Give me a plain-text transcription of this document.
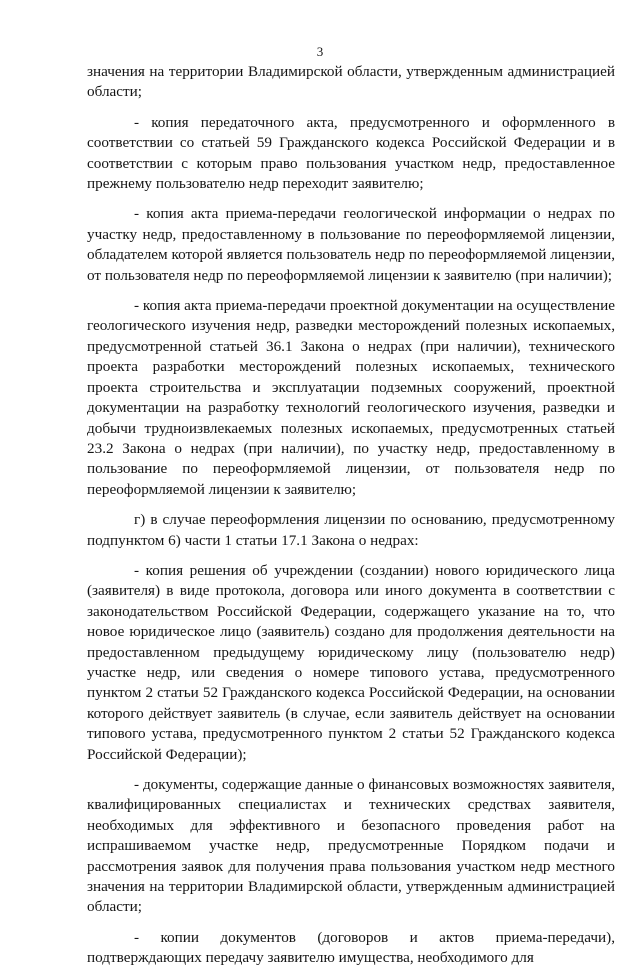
3

значения на территории Владимирской области, утвержденным администрацией области;

- копия передаточного акта, предусмотренного и оформленного в соответствии со статьей 59 Гражданского кодекса Российской Федерации и в соответствии с которым право пользования участком недр, предоставленное прежнему пользователю недр переходит заявителю;

- копия акта приема-передачи геологической информации о недрах по участку недр, предоставленному в пользование по переоформляемой лицензии, обладателем которой является пользователь недр по переоформляемой лицензии, от пользователя недр по переоформляемой лицензии к заявителю (при наличии);

- копия акта приема-передачи проектной документации на осуществление геологического изучения недр, разведки месторождений полезных ископаемых, предусмотренной статьей 36.1 Закона о недрах (при наличии), технического проекта разработки месторождений полезных ископаемых, технического проекта строительства и эксплуатации подземных сооружений, проектной документации на разработку технологий геологического изучения, разведки и добычи трудноизвлекаемых полезных ископаемых, предусмотренных статьей 23.2 Закона о недрах (при наличии), по участку недр, предоставленному в пользование по переоформляемой лицензии, от пользователя недр по переоформляемой лицензии к заявителю;

г) в случае переоформления лицензии по основанию, предусмотренному подпунктом 6) части 1 статьи 17.1 Закона о недрах:

- копия решения об учреждении (создании) нового юридического лица (заявителя) в виде протокола, договора или иного документа в соответствии с законодательством Российской Федерации, содержащего указание на то, что новое юридическое лицо (заявитель) создано для продолжения деятельности на предоставленном предыдущему юридическому лицу (пользователю недр) участке недр, или сведения о номере типового устава, предусмотренного пунктом 2 статьи 52 Гражданского кодекса Российской Федерации, на основании которого действует заявитель (в случае, если заявитель действует на основании типового устава, предусмотренного пунктом 2 статьи 52 Гражданского кодекса Российской Федерации);

- документы, содержащие данные о финансовых возможностях заявителя, квалифицированных специалистах и технических средствах заявителя, необходимых для эффективного и безопасного проведения работ на испрашиваемом участке недр, предусмотренные Порядком подачи и рассмотрения заявок для получения права пользования участком недр местного значения на территории Владимирской области, утвержденным администрацией области;

- копии документов (договоров и актов приема-передачи), подтверждающих передачу заявителю имущества, необходимого для
